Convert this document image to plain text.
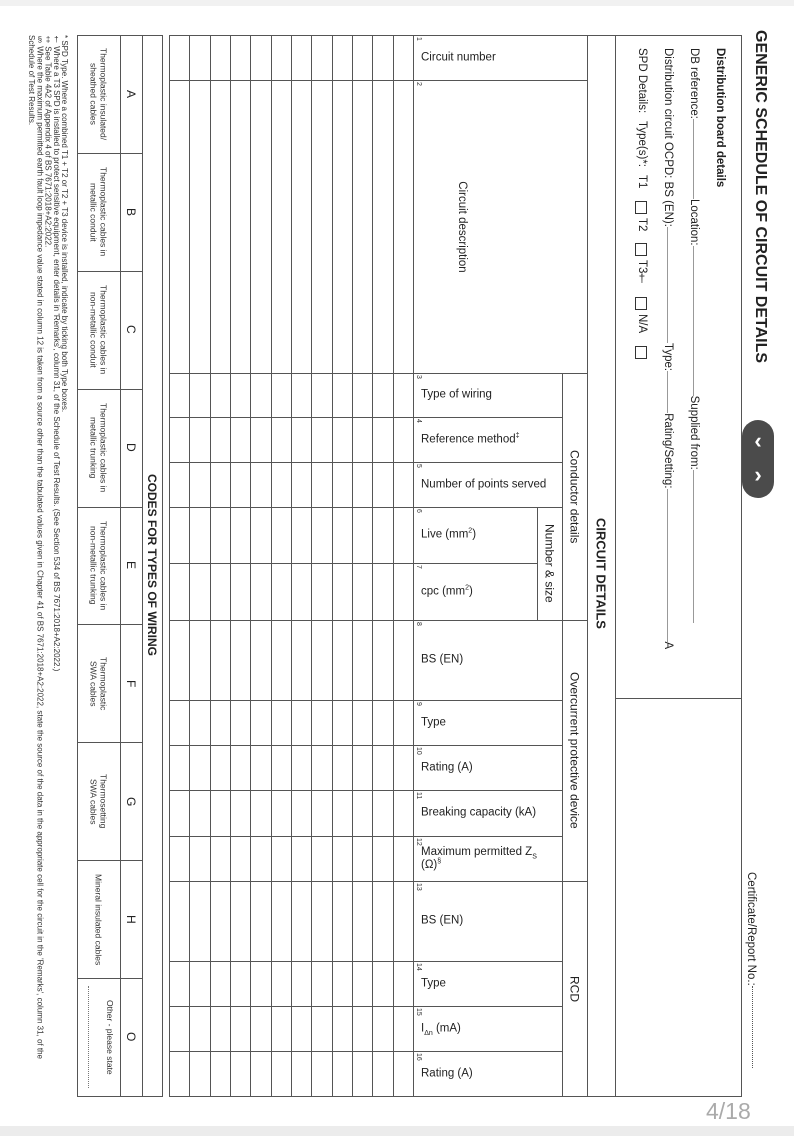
GENERIC SCHEDULE OF CIRCUIT DETAILS
Certificate/Report No.:
Distribution board details
DB reference:Location:Supplied from:
Distribution circuit OCPD: BS (EN):Type:Rating/Setting:A
SPD Details:Type(s)*:T1T2T3†N/A
CIRCUIT DETAILS
Conductor details
Number & size
Overcurrent protective device
RCD
1
Circuit number
2
Circuit description
3
Type of wiring
4
Reference method‡
5
Number of points served
6
Live $(mm^2)$
7
cpc $(mm^2)$
8
BS (EN)
9
Type
10
Rating (A)
11
Breaking capacity (kA)
12
Maximum permitted $Z_S$ (Ω)§
13
BS (EN)
14
Type
15
$I_{\Delta n}$ (mA)
16
Rating (A)
CODES FOR TYPES OF WIRING
A
Thermoplastic insulated/
sheathed cables
B
Thermoplastic cables in
metallic conduit
C
Thermoplastic cables in
non-metallic conduit
D
Thermoplastic cables in
metallic trunking
E
Thermoplastic cables in
non-metallic trunking
F
Thermoplastic
SWA cables
G
Thermosetting
SWA cables
H
Mineral insulated cables
O
Other - please state
* SPD Type. Where a combined T1 + T2 or T2 + T3 device is installed, indicate by ticking both Type boxes.
† Where a T3 SPD is installed to protect sensitive equipment, enter details in 'Remarks', column 31, of the Schedule of Test Results. (See Section 534 of BS 7671:2018+A2:2022.)
‡ See Table 4A2 of Appendix 4 of BS 7671:2018+A2:2022.
§ Where the maximum permitted earth fault loop impedance value stated in column 12 is taken from a source other than the tabulated values given in Chapter 41 of BS 7671:2018+A2:2022, state the source of the data in the appropriate cell for the circuit in the 'Remarks', column 31, of the Schedule of Test Results.
‹
›
4/18
